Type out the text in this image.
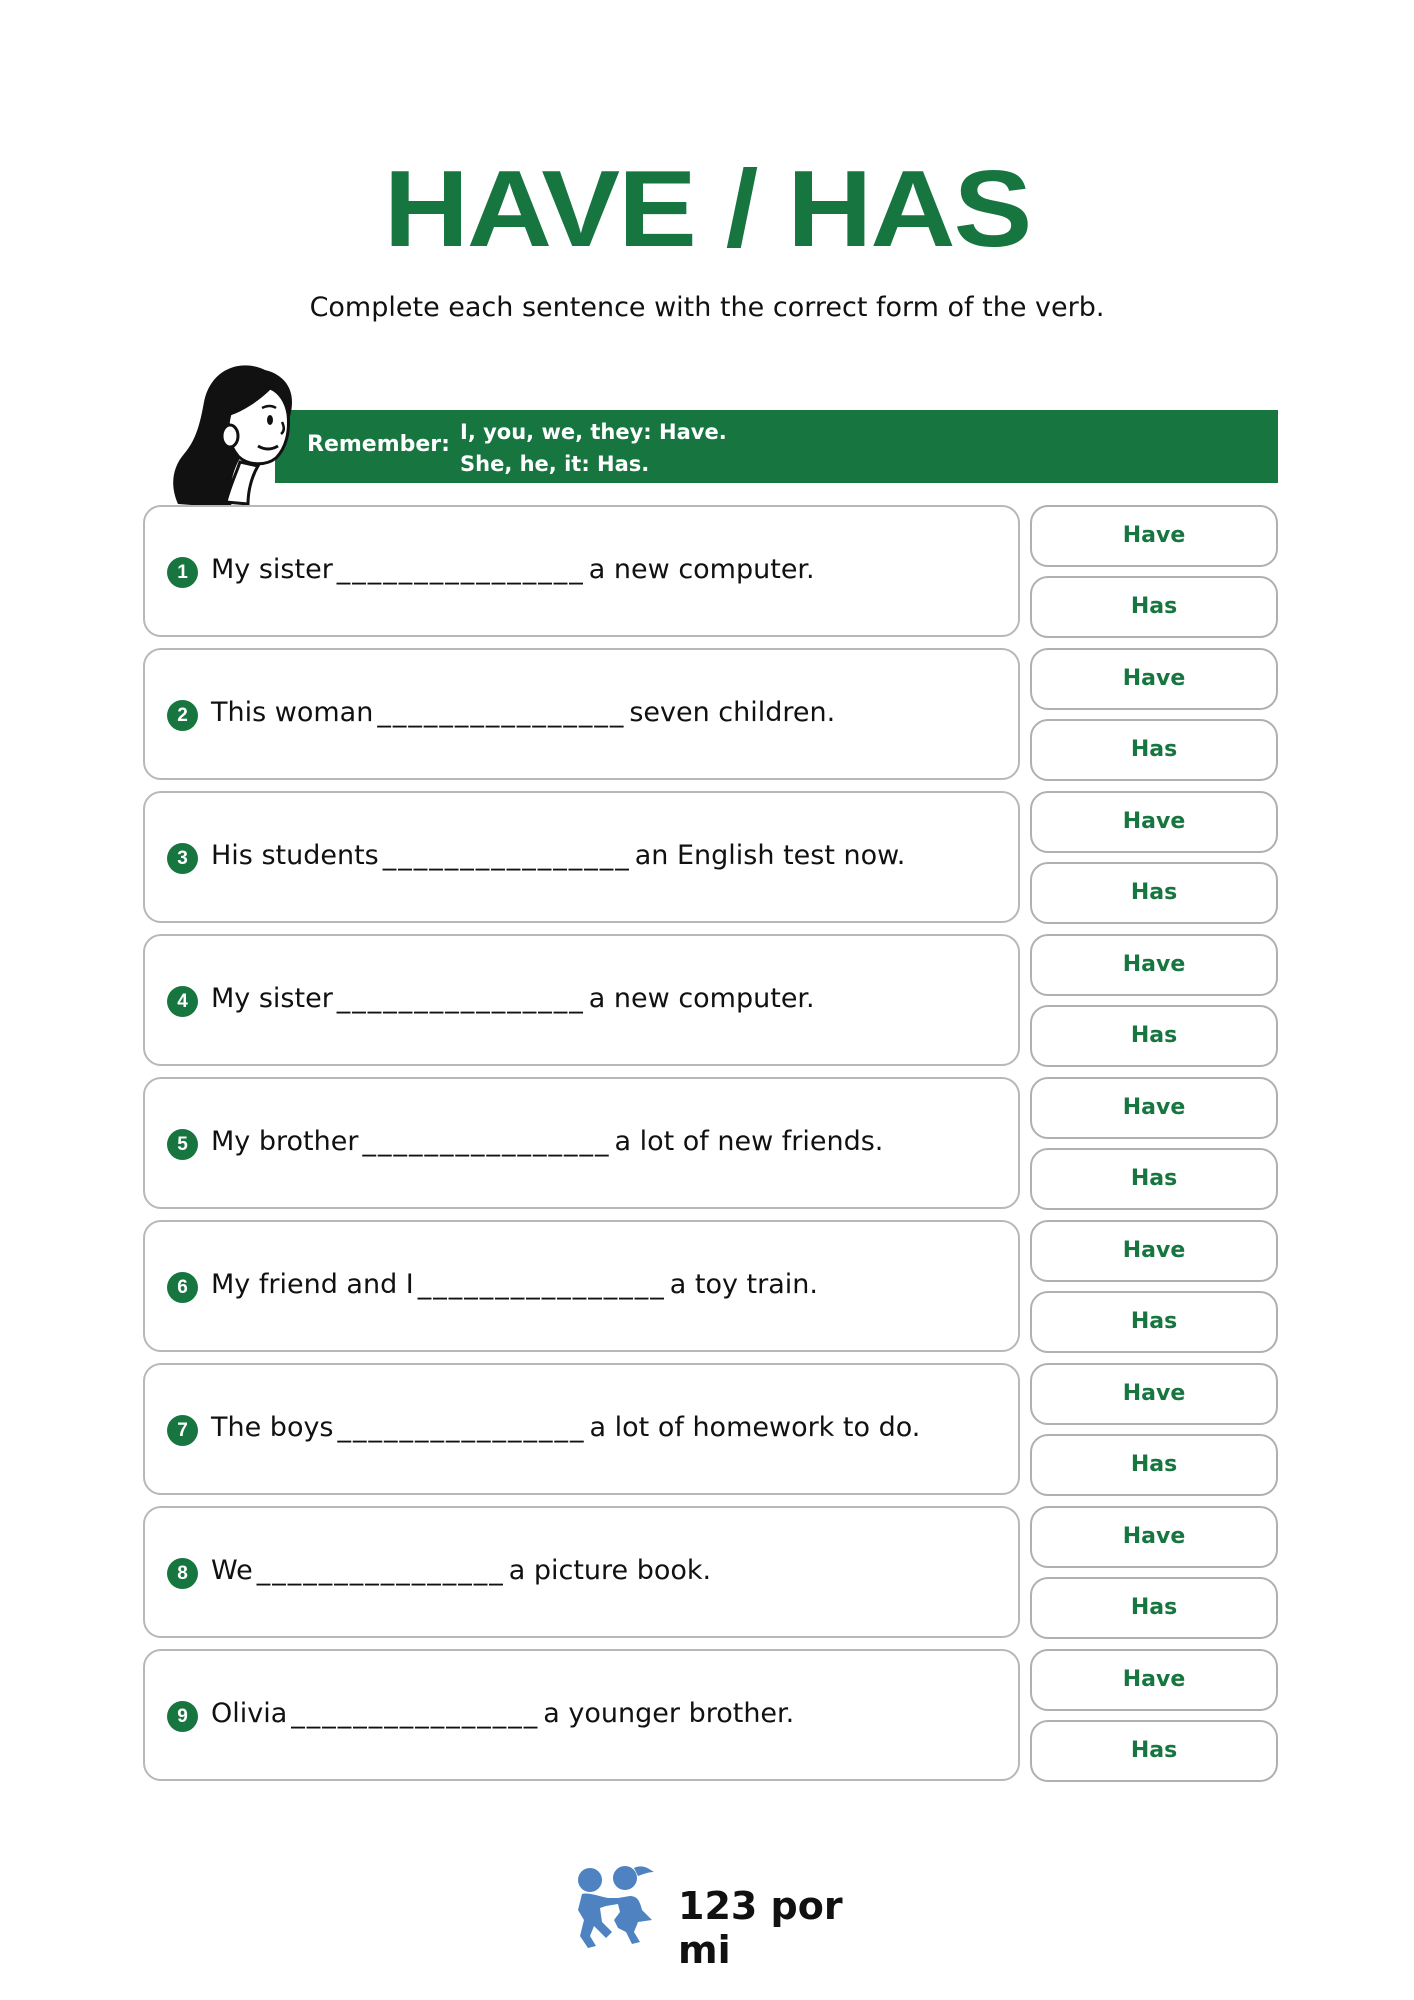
HAVE / HAS
Complete each sentence with the correct form of the verb.
Remember: I, you, we, they: Have.
She, he, it: Has.
1 My sister ________________ a new computer.
Have
Has
2 This woman ________________ seven children.
Have
Has
3 His students ________________ an English test now.
Have
Has
4 My sister ________________ a new computer.
Have
Has
5 My brother ________________ a lot of new friends.
Have
Has
6 My friend and I ________________ a toy train.
Have
Has
7 The boys ________________ a lot of homework to do.
Have
Has
8 We ________________ a picture book.
Have
Has
9 Olivia ________________ a younger brother.
Have
Has
123 por mi
